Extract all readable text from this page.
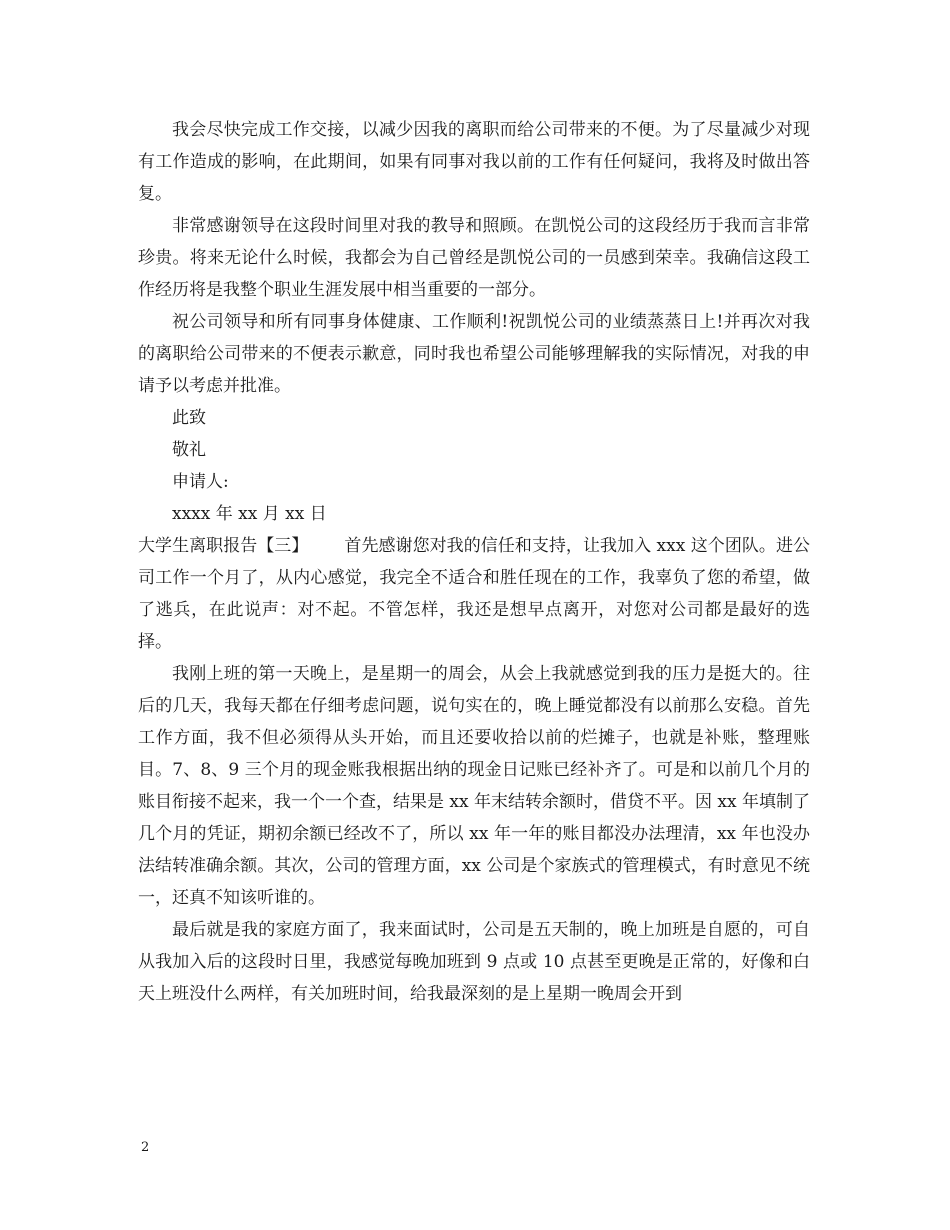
我会尽快完成工作交接，以减少因我的离职而给公司带来的不便。为了尽量减少对现有工作造成的影响，在此期间，如果有同事对我以前的工作有任何疑问，我将及时做出答复。

非常感谢领导在这段时间里对我的教导和照顾。在凯悦公司的这段经历于我而言非常珍贵。将来无论什么时候，我都会为自己曾经是凯悦公司的一员感到荣幸。我确信这段工作经历将是我整个职业生涯发展中相当重要的一部分。

祝公司领导和所有同事身体健康、工作顺利!祝凯悦公司的业绩蒸蒸日上!并再次对我的离职给公司带来的不便表示歉意，同时我也希望公司能够理解我的实际情况，对我的申请予以考虑并批准。

此致

敬礼

申请人:

xxxx 年 xx 月 xx 日

大学生离职报告【三】 首先感谢您对我的信任和支持，让我加入 xxx 这个团队。进公司工作一个月了，从内心感觉，我完全不适合和胜任现在的工作，我辜负了您的希望，做了逃兵，在此说声：对不起。不管怎样，我还是想早点离开，对您对公司都是最好的选择。

我刚上班的第一天晚上，是星期一的周会，从会上我就感觉到我的压力是挺大的。往后的几天，我每天都在仔细考虑问题，说句实在的，晚上睡觉都没有以前那么安稳。首先工作方面，我不但必须得从头开始，而且还要收拾以前的烂摊子，也就是补账，整理账目。7、8、9 三个月的现金账我根据出纳的现金日记账已经补齐了。可是和以前几个月的账目衔接不起来，我一个一个查，结果是 xx 年末结转余额时，借贷不平。因 xx 年填制了几个月的凭证，期初余额已经改不了，所以 xx 年一年的账目都没办法理清，xx 年也没办法结转准确余额。其次，公司的管理方面，xx 公司是个家族式的管理模式，有时意见不统一，还真不知该听谁的。

最后就是我的家庭方面了，我来面试时，公司是五天制的，晚上加班是自愿的，可自从我加入后的这段时日里，我感觉每晚加班到 9 点或 10 点甚至更晚是正常的，好像和白天上班没什么两样，有关加班时间，给我最深刻的是上星期一晚周会开到

2
